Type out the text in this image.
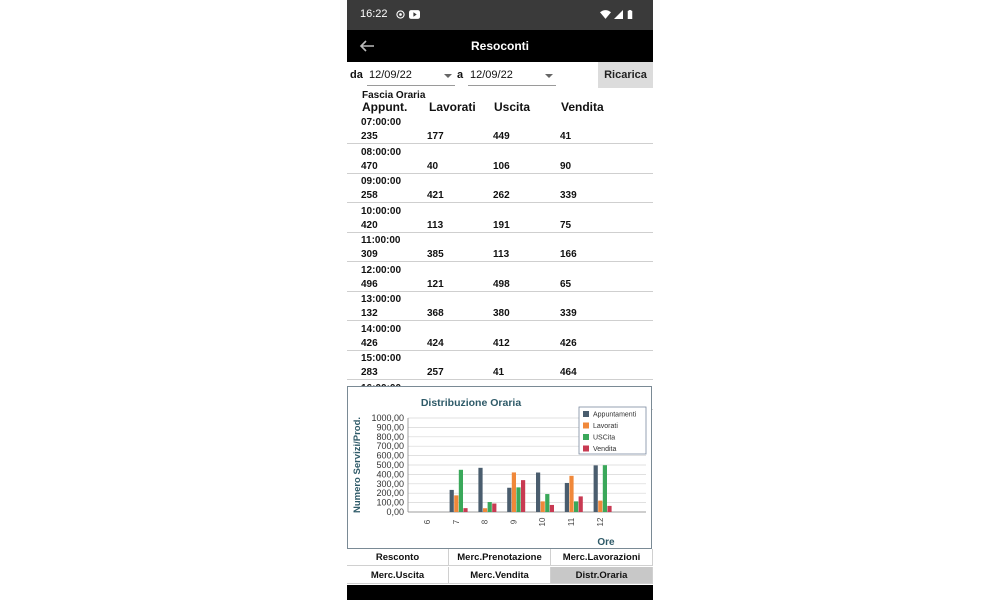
16:22
Resoconti
da 12/09/22	a 12/09/22	Ricarica
Fascia Oraria
Appunt. Lavorati Uscita	Vendita
07:00:00
235	177	449	41
08:00:00
470	40	106	90
09:00:00
258	421	262	339
10:00:00
420	113	191	75
11:00:00
309	385	113	166
12:00:00
496	121	498	65
13:00:00
132	368	380	339
14:00:00
426	424	412	426
15:00:00
283	257	41	464
Distribuzione Oraria
1000,00
900,00
800,00
700,00
600,00
500,00
400,00
300,00
200,00
100,00
0,00
Numero Servizi/Prod.
6 7 8 9 10 11 12
Ore
Appuntamenti
Lavorati
USCita
Vendita
Resconto	Merc.Prenotazione	Merc.Lavorazioni
Merc.Uscita	Merc.Vendita	Distr.Oraria
